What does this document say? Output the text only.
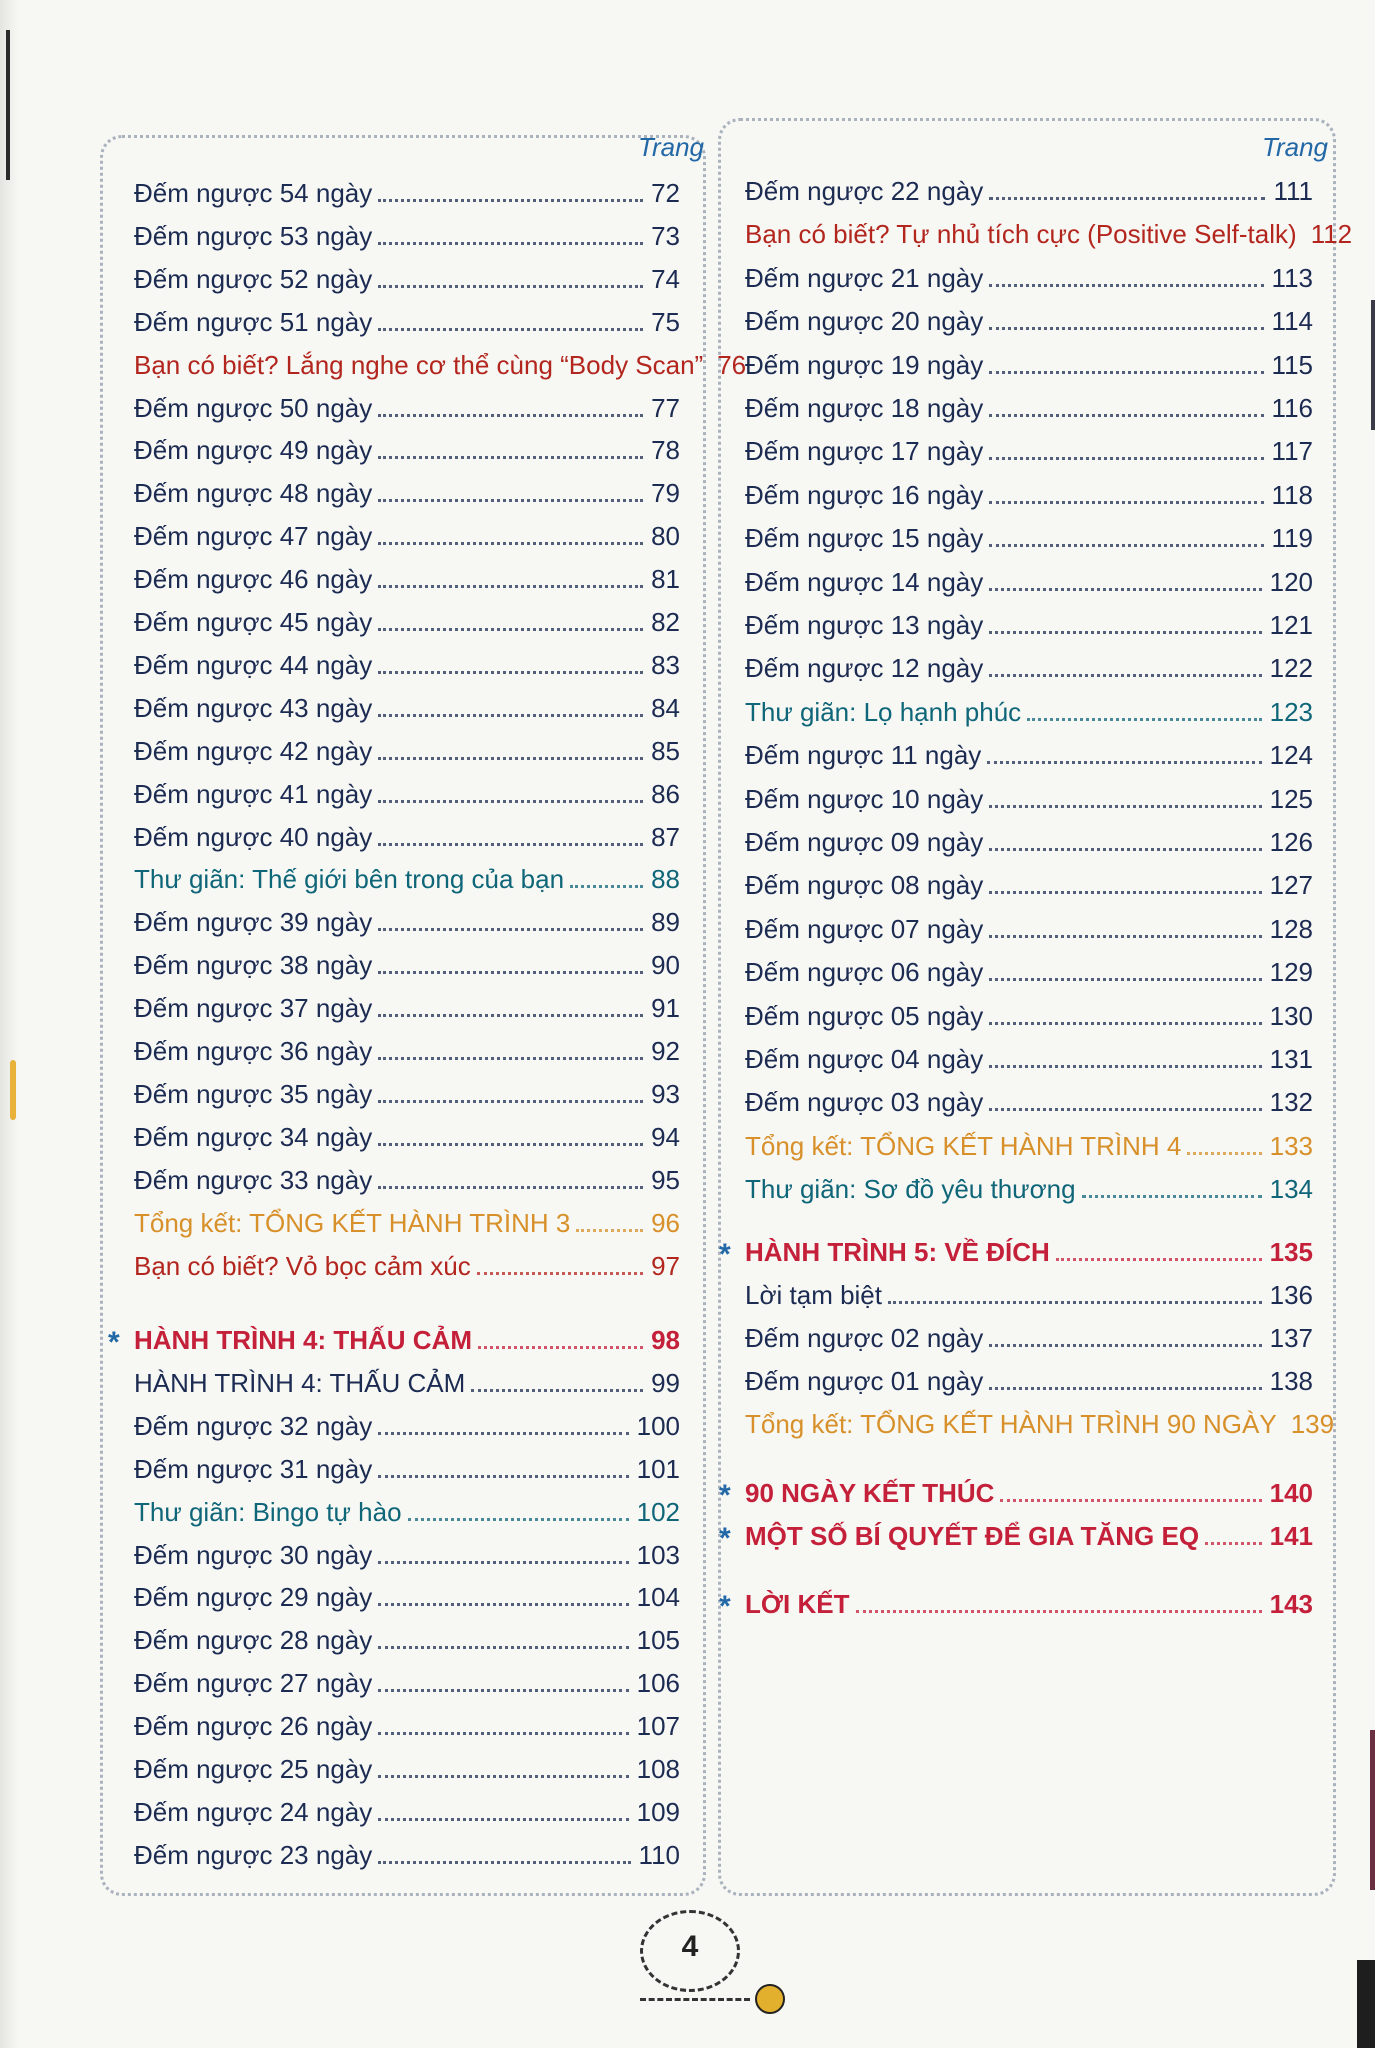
Trang	Trang
Đếm ngược 54 ngày	72
Đếm ngược 53 ngày	73
Đếm ngược 52 ngày	74
Đếm ngược 51 ngày	75
Bạn có biết? Lắng nghe cơ thể cùng “Body Scan” 76
Đếm ngược 50 ngày	77
Đếm ngược 49 ngày	78
Đếm ngược 48 ngày	79
Đếm ngược 47 ngày	80
Đếm ngược 46 ngày	81
Đếm ngược 45 ngày	82
Đếm ngược 44 ngày	83
Đếm ngược 43 ngày	84
Đếm ngược 42 ngày	85
Đếm ngược 41 ngày	86
Đếm ngược 40 ngày	87
Thư giãn: Thế giới bên trong của bạn	88
Đếm ngược 39 ngày	89
Đếm ngược 38 ngày	90
Đếm ngược 37 ngày	91
Đếm ngược 36 ngày	92
Đếm ngược 35 ngày	93
Đếm ngược 34 ngày	94
Đếm ngược 33 ngày	95
Tổng kết: TỔNG KẾT HÀNH TRÌNH 3	96
Bạn có biết? Vỏ bọc cảm xúc	97
HÀNH TRÌNH 4: THẤU CẢM	98
*
HÀNH TRÌNH 4: THẤU CẢM	99
Đếm ngược 32 ngày	100
Đếm ngược 31 ngày	101
Thư giãn: Bingo tự hào	102
Đếm ngược 30 ngày	103
Đếm ngược 29 ngày	104
Đếm ngược 28 ngày	105
Đếm ngược 27 ngày	106
Đếm ngược 26 ngày	107
Đếm ngược 25 ngày	108
Đếm ngược 24 ngày	109
Đếm ngược 23 ngày	110
Đếm ngược 22 ngày	111
Bạn có biết? Tự nhủ tích cực (Positive Self-talk) 112
Đếm ngược 21 ngày	113
Đếm ngược 20 ngày	114
Đếm ngược 19 ngày	115
Đếm ngược 18 ngày	116
Đếm ngược 17 ngày	117
Đếm ngược 16 ngày	118
Đếm ngược 15 ngày	119
Đếm ngược 14 ngày	120
Đếm ngược 13 ngày	121
Đếm ngược 12 ngày	122
Thư giãn: Lọ hạnh phúc	123
Đếm ngược 11 ngày	124
Đếm ngược 10 ngày	125
Đếm ngược 09 ngày	126
Đếm ngược 08 ngày	127
Đếm ngược 07 ngày	128
Đếm ngược 06 ngày	129
Đếm ngược 05 ngày	130
Đếm ngược 04 ngày	131
Đếm ngược 03 ngày	132
Tổng kết: TỔNG KẾT HÀNH TRÌNH 4	133
Thư giãn: Sơ đồ yêu thương	134
HÀNH TRÌNH 5: VỀ ĐÍCH	135
*
Lời tạm biệt	136
Đếm ngược 02 ngày	137
Đếm ngược 01 ngày	138
Tổng kết: TỔNG KẾT HÀNH TRÌNH 90 NGÀY 139
90 NGÀY KẾT THÚC	140
*
MỘT SỐ BÍ QUYẾT ĐỂ GIA TĂNG EQ	141
*
LỜI KẾT	143
*
4
